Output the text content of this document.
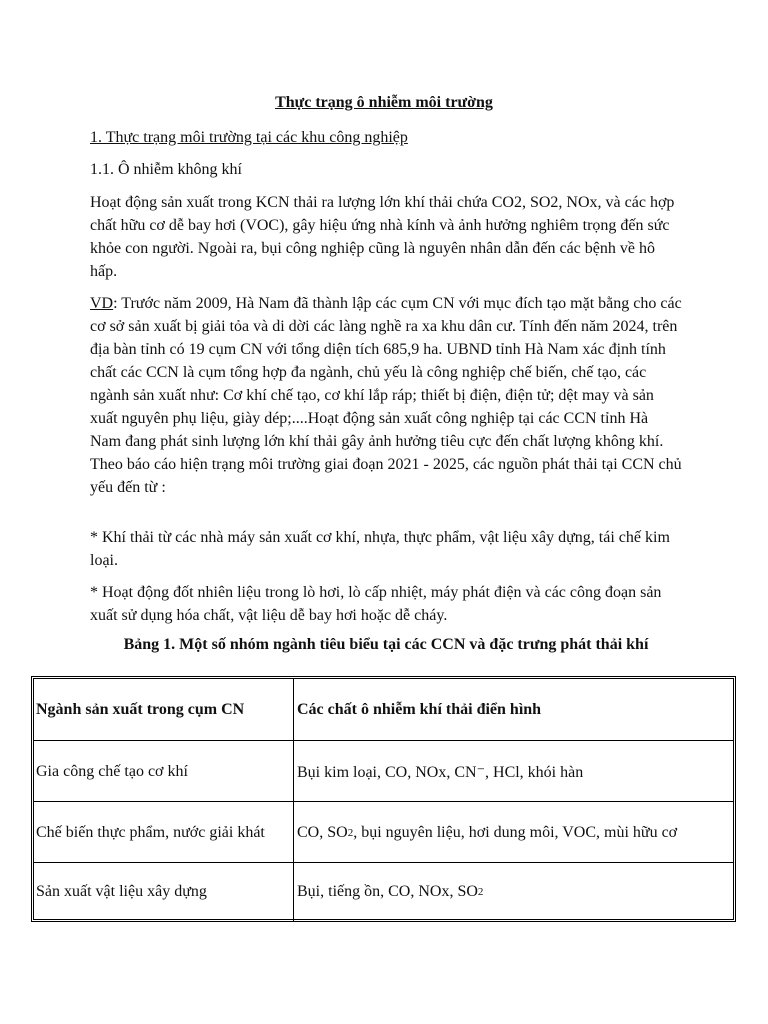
Thực trạng ô nhiễm môi trường
1. Thực trạng môi trường tại các khu công nghiệp
1.1. Ô nhiễm không khí
Hoạt động sản xuất trong KCN thải ra lượng lớn khí thải chứa CO2, SO2, NOx, và các hợp chất hữu cơ dễ bay hơi (VOC), gây hiệu ứng nhà kính và ảnh hưởng nghiêm trọng đến sức khỏe con người. Ngoài ra, bụi công nghiệp cũng là nguyên nhân dẫn đến các bệnh về hô hấp.
VD: Trước năm 2009, Hà Nam đã thành lập các cụm CN với mục đích tạo mặt bằng cho các cơ sở sản xuất bị giải tỏa và di dời các làng nghề ra xa khu dân cư. Tính đến năm 2024, trên địa bàn tỉnh có 19 cụm CN với tổng diện tích 685,9 ha. UBND tỉnh Hà Nam xác định tính chất các CCN là cụm tổng hợp đa ngành, chủ yếu là công nghiệp chế biến, chế tạo, các ngành sản xuất như: Cơ khí chế tạo, cơ khí lắp ráp; thiết bị điện, điện tử; dệt may và sản xuất nguyên phụ liệu, giày dép;....Hoạt động sản xuất công nghiệp tại các CCN tỉnh Hà Nam đang phát sinh lượng lớn khí thải gây ảnh hưởng tiêu cực đến chất lượng không khí. Theo báo cáo hiện trạng môi trường giai đoạn 2021 - 2025, các nguồn phát thải tại CCN chủ yếu đến từ :
* Khí thải từ các nhà máy sản xuất cơ khí, nhựa, thực phẩm, vật liệu xây dựng, tái chế kim loại.
* Hoạt động đốt nhiên liệu trong lò hơi, lò cấp nhiệt, máy phát điện và các công đoạn sản xuất sử dụng hóa chất, vật liệu dễ bay hơi hoặc dễ cháy.
Bảng 1. Một số nhóm ngành tiêu biểu tại các CCN và đặc trưng phát thải khí
Ngành sản xuất trong cụm CN	Các chất ô nhiễm khí thải điển hình
Gia công chế tạo cơ khí	Bụi kim loại, CO, NOx, CN⁻, HCl, khói hàn
Chế biến thực phẩm, nước giải khát	CO, SO 2 , bụi nguyên liệu, hơi dung môi, VOC, mùi hữu cơ
Sản xuất vật liệu xây dựng	Bụi, tiếng ồn, CO, NOx, SO 2
